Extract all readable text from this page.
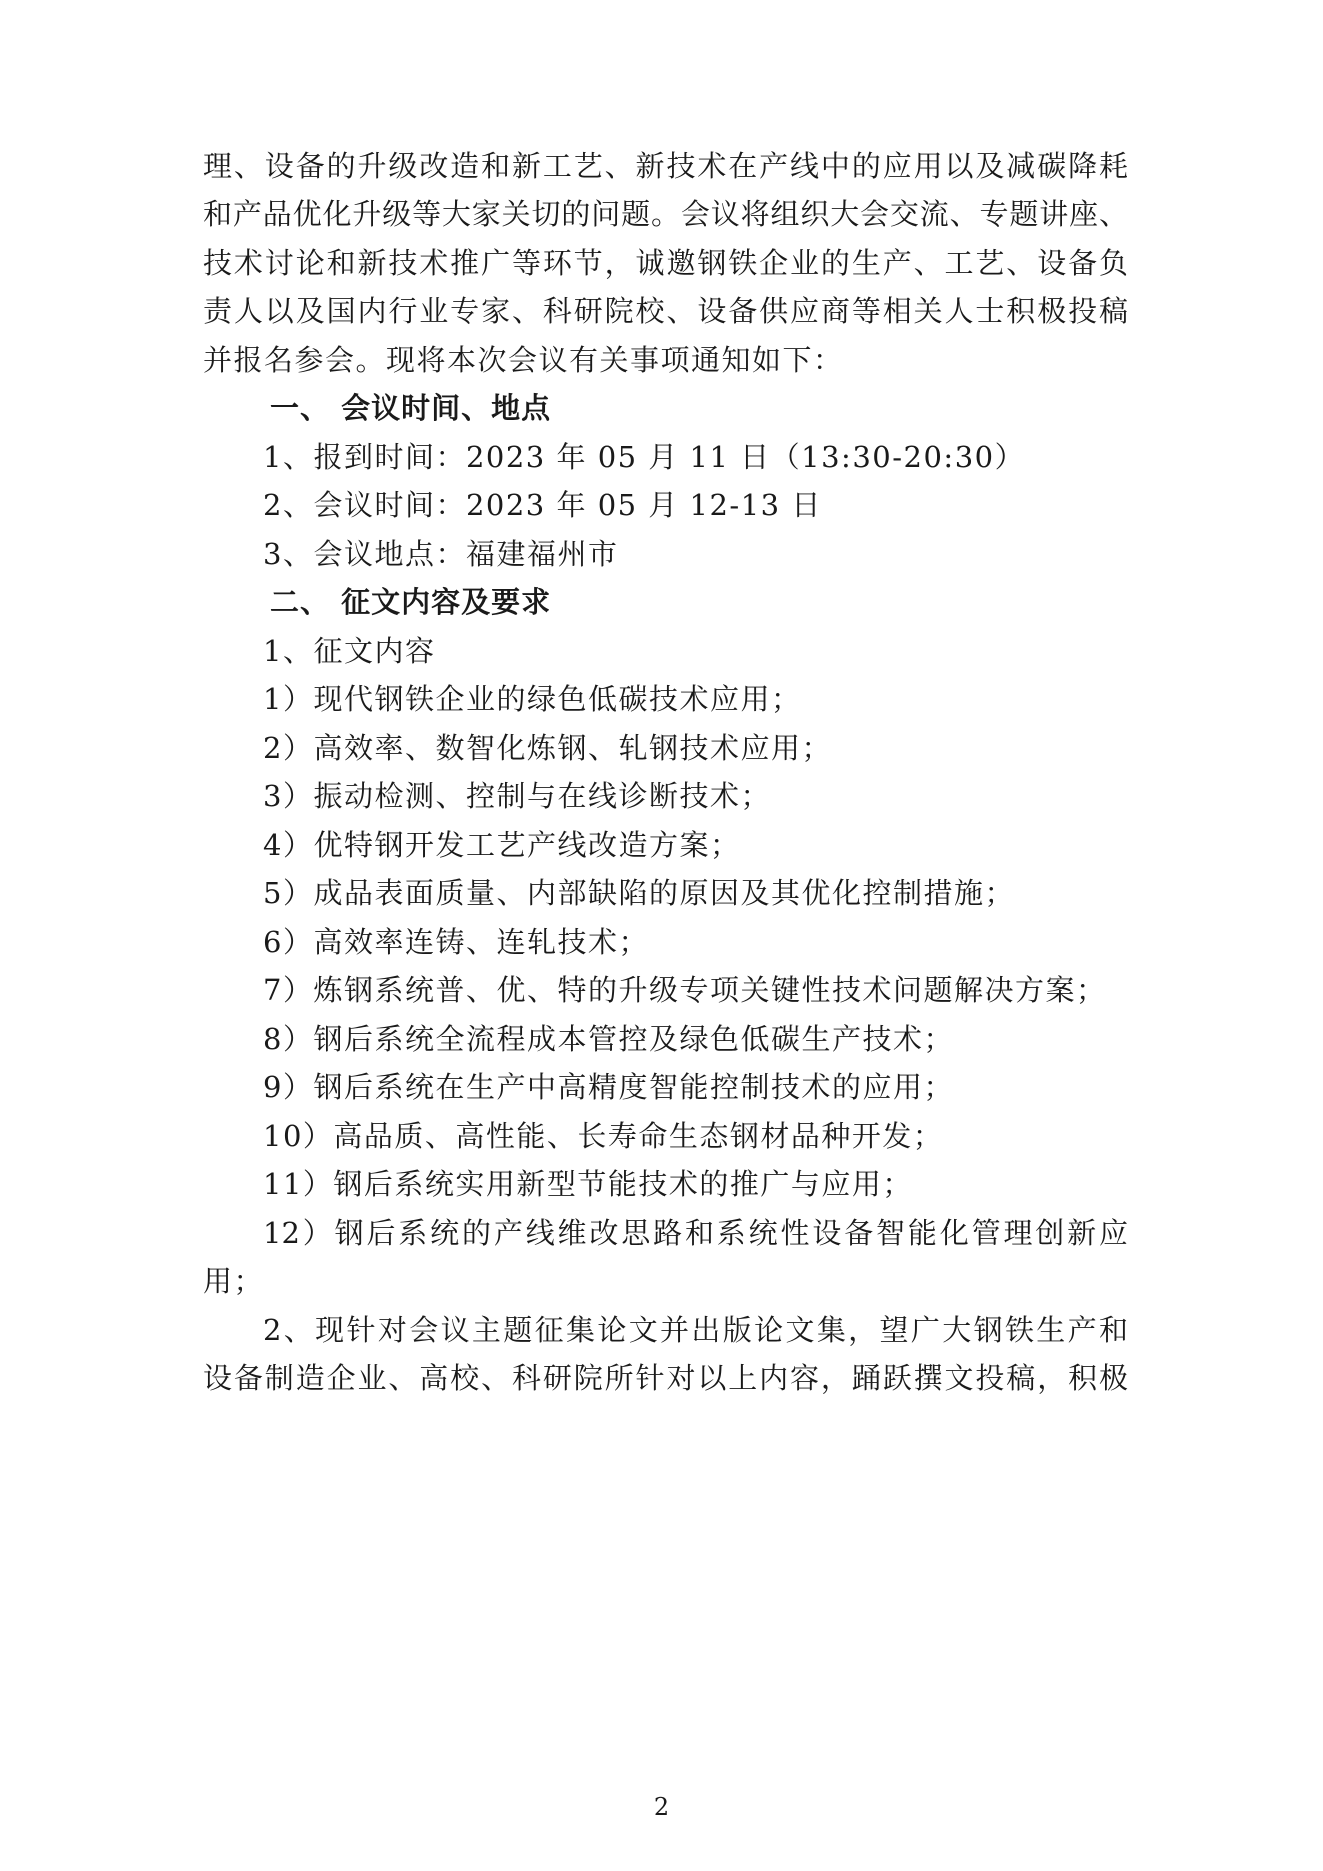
理、设备的升级改造和新工艺、新技术在产线中的应用以及减碳降耗
和产品优化升级等大家关切的问题。会议将组织大会交流、专题讲座、
技术讨论和新技术推广等环节，诚邀钢铁企业的生产、工艺、设备负
责人以及国内行业专家、科研院校、设备供应商等相关人士积极投稿
并报名参会。现将本次会议有关事项通知如下：
一、 会议时间、地点
1、报到时间：2023 年 05 月 11 日（13:30-20:30）
2、会议时间：2023 年 05 月 12-13 日
3、会议地点：福建福州市
二、 征文内容及要求
1、征文内容
1）现代钢铁企业的绿色低碳技术应用；
2）高效率、数智化炼钢、轧钢技术应用；
3）振动检测、控制与在线诊断技术；
4）优特钢开发工艺产线改造方案；
5）成品表面质量、内部缺陷的原因及其优化控制措施；
6）高效率连铸、连轧技术；
7）炼钢系统普、优、特的升级专项关键性技术问题解决方案；
8）钢后系统全流程成本管控及绿色低碳生产技术；
9）钢后系统在生产中高精度智能控制技术的应用；
10）高品质、高性能、长寿命生态钢材品种开发；
11）钢后系统实用新型节能技术的推广与应用；
12）钢后系统的产线维改思路和系统性设备智能化管理创新应
用；
2、现针对会议主题征集论文并出版论文集，望广大钢铁生产和
设备制造企业、高校、科研院所针对以上内容，踊跃撰文投稿，积极
2
